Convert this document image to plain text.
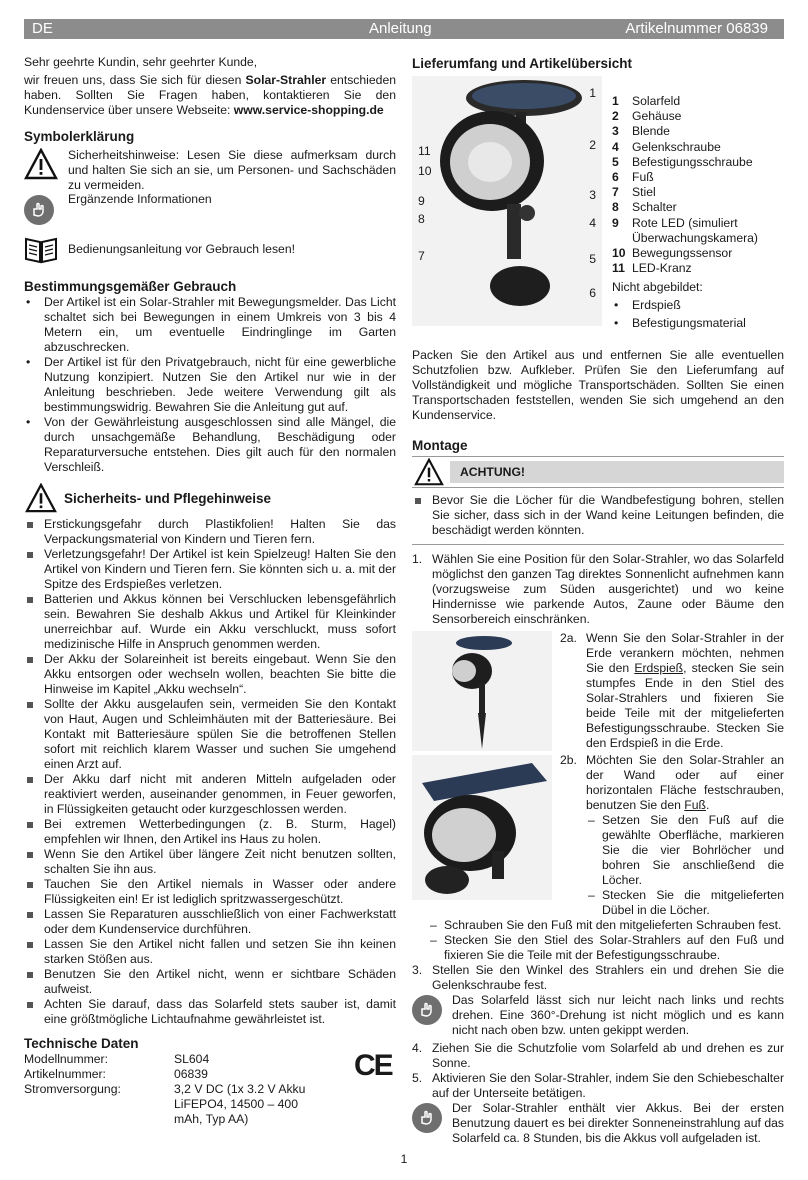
DE	Anleitung	Artikelnummer 06839

Sehr geehrte Kundin, sehr geehrter Kunde,

wir freuen uns, dass Sie sich für diesen Solar-Strahler entschieden haben. Sollten Sie Fragen haben, kontaktieren Sie den Kundenservice über unsere Webseite: www.service-shopping.de

Symbolerklärung

Sicherheitshinweise: Lesen Sie diese aufmerksam durch und halten Sie sich an sie, um Personen- und Sachschäden zu vermeiden.

Ergänzende Informationen

Bedienungsanleitung vor Gebrauch lesen!

Bestimmungsgemäßer Gebrauch
• Der Artikel ist ein Solar-Strahler mit Bewegungsmelder. Das Licht schaltet sich bei Bewegungen in einem Umkreis von 3 bis 4 Metern ein, um eventuelle Eindringlinge im Garten abzuschrecken.
• Der Artikel ist für den Privatgebrauch, nicht für eine gewerbliche Nutzung konzipiert. Nutzen Sie den Artikel nur wie in der Anleitung beschrieben. Jede weitere Verwendung gilt als bestimmungswidrig. Bewahren Sie die Anleitung gut auf.
• Von der Gewährleistung ausgeschlossen sind alle Mängel, die durch unsachgemäße Behandlung, Beschädigung oder Reparaturversuche entstehen. Dies gilt auch für den normalen Verschleiß.
Sicherheits- und Pflegehinweise
Erstickungsgefahr durch Plastikfolien! Halten Sie das Verpackungsmaterial von Kindern und Tieren fern.
Verletzungsgefahr! Der Artikel ist kein Spielzeug! Halten Sie den Artikel von Kindern und Tieren fern. Sie könnten sich u. a. mit der Spitze des Erdspießes verletzen.
Batterien und Akkus können bei Verschlucken lebensgefährlich sein. Bewahren Sie deshalb Akkus und Artikel für Kleinkinder unerreichbar auf. Wurde ein Akku verschluckt, muss sofort medizinische Hilfe in Anspruch genommen werden.
Der Akku der Solareinheit ist bereits eingebaut. Wenn Sie den Akku entsorgen oder wechseln wollen, beachten Sie bitte die Hinweise im Kapitel „Akku wechseln“.
Sollte der Akku ausgelaufen sein, vermeiden Sie den Kontakt von Haut, Augen und Schleimhäuten mit der Batteriesäure. Bei Kontakt mit Batteriesäure spülen Sie die betroffenen Stellen sofort mit reichlich klarem Wasser und suchen Sie umgehend einen Arzt auf.
Der Akku darf nicht mit anderen Mitteln aufgeladen oder reaktiviert werden, auseinander genommen, in Feuer geworfen, in Flüssigkeiten getaucht oder kurzgeschlossen werden.
Bei extremen Wetterbedingungen (z. B. Sturm, Hagel) empfehlen wir Ihnen, den Artikel ins Haus zu holen.
Wenn Sie den Artikel über längere Zeit nicht benutzen sollten, schalten Sie ihn aus.
Tauchen Sie den Artikel niemals in Wasser oder andere Flüssigkeiten ein! Er ist lediglich spritzwassergeschützt.
Lassen Sie Reparaturen ausschließlich von einer Fachwerkstatt oder dem Kundenservice durchführen.
Lassen Sie den Artikel nicht fallen und setzen Sie ihn keinen starken Stößen aus.
Benutzen Sie den Artikel nicht, wenn er sichtbare Schäden aufweist.
Achten Sie darauf, dass das Solarfeld stets sauber ist, damit eine größtmögliche Lichtaufnahme gewährleistet ist.
Technische Daten
Modellnummer:	SL604
Artikelnummer:	06839
Stromversorgung:	3,2 V DC (1x 3.2 V Akku LiFEPO4, 14500 – 400 mAh, Typ AA)
CE
Lieferumfang und Artikelübersicht
11
10
9
8
7
1
2
3
4
5
6
1 Solarfeld
2 Gehäuse
3 Blende
4 Gelenkschraube
5 Befestigungsschraube
6 Fuß
7 Stiel
8 Schalter
9	Rote LED (simuliert Überwachungskamera)
10 Bewegungssensor
11 LED-Kranz
Nicht abgebildet:
• Erdspieß
• Befestigungsmaterial

Packen Sie den Artikel aus und entfernen Sie alle eventuellen Schutzfolien bzw. Aufkleber. Prüfen Sie den Lieferumfang auf Vollständigkeit und mögliche Transportschäden. Sollten Sie einen Transportschaden feststellen, wenden Sie sich umgehend an den Kundenservice.

Montage
ACHTUNG!
Bevor Sie die Löcher für die Wandbefestigung bohren, stellen Sie sicher, dass sich in der Wand keine Leitungen befinden, die beschädigt werden könnten.
1. Wählen Sie eine Position für den Solar-Strahler, wo das Solarfeld möglichst den ganzen Tag direktes Sonnenlicht aufnehmen kann (vorzugsweise zum Süden ausgerichtet) und wo keine Hindernisse wie parkende Autos, Zaune oder Bäume den Sensorbereich einschränken.
2a. Wenn Sie den Solar-Strahler in der Erde verankern möchten, nehmen Sie den Erdspieß, stecken Sie sein stumpfes Ende in den Stiel des Solar-Strahlers und fixieren Sie beide Teile mit der mitgelieferten Befestigungsschraube. Stecken Sie den Erdspieß in die Erde.
2b. Möchten Sie den Solar-Strahler an der Wand oder auf einer horizontalen Fläche festschrauben, benutzen Sie den Fuß.
– Setzen Sie den Fuß auf die gewählte Oberfläche, markieren Sie die vier Bohrlöcher und bohren Sie anschließend die Löcher.
– Stecken Sie die mitgelieferten Dübel in die Löcher.
– Schrauben Sie den Fuß mit den mitgelieferten Schrauben fest.
– Stecken Sie den Stiel des Solar-Strahlers auf den Fuß und fixieren Sie die Teile mit der Befestigungsschraube.
3. Stellen Sie den Winkel des Strahlers ein und drehen Sie die Gelenkschraube fest.

Das Solarfeld lässt sich nur leicht nach links und rechts drehen. Eine 360°-Drehung ist nicht möglich und es kann nicht nach oben bzw. unten gekippt werden.

4. Ziehen Sie die Schutzfolie vom Solarfeld ab und drehen es zur Sonne.
5. Aktivieren Sie den Solar-Strahler, indem Sie den Schiebeschalter auf der Unterseite betätigen.

Der Solar-Strahler enthält vier Akkus. Bei der ersten Benutzung dauert es bei direkter Sonneneinstrahlung auf das Solarfeld ca. 8 Stunden, bis die Akkus voll aufgeladen ist.

1
